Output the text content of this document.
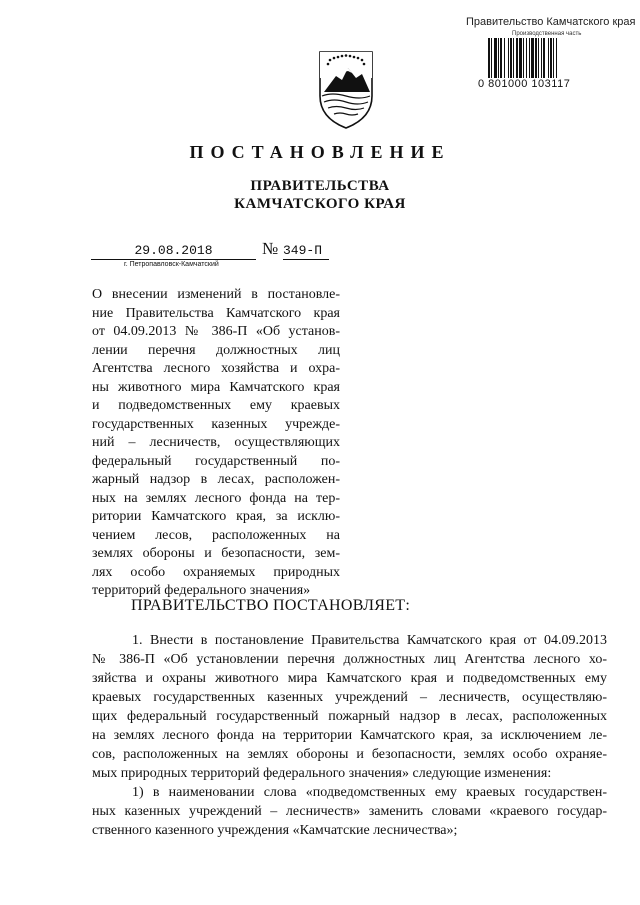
Правительство Камчатского края
Производственная часть
0 801000 103117
ПОСТАНОВЛЕНИЕ
ПРАВИТЕЛЬСТВА
КАМЧАТСКОГО КРАЯ
29.08.2018
г. Петропавловск-Камчатский
№ 349-П
О внесении изменений в постановле-
ние Правительства Камчатского края
от 04.09.2013 № 386-П «Об установ-
лении перечня должностных лиц
Агентства лесного хозяйства и охра-
ны животного мира Камчатского края
и подведомственных ему краевых
государственных казенных учрежде-
ний – лесничеств, осуществляющих
федеральный государственный по-
жарный надзор в лесах, расположен-
ных на землях лесного фонда на тер-
ритории Камчатского края, за исклю-
чением лесов, расположенных на
землях обороны и безопасности, зем-
лях особо охраняемых природных
территорий федерального значения»
ПРАВИТЕЛЬСТВО ПОСТАНОВЛЯЕТ:
1. Внести в постановление Правительства Камчатского края от 04.09.2013
№ 386-П «Об установлении перечня должностных лиц Агентства лесного хо-
зяйства и охраны животного мира Камчатского края и подведомственных ему
краевых государственных казенных учреждений – лесничеств, осуществляю-
щих федеральный государственный пожарный надзор в лесах, расположенных
на землях лесного фонда на территории Камчатского края, за исключением ле-
сов, расположенных на землях обороны и безопасности, землях особо охраняе-
мых природных территорий федерального значения» следующие изменения:
1) в наименовании слова «подведомственных ему краевых государствен-
ных казенных учреждений – лесничеств» заменить словами «краевого государ-
ственного казенного учреждения «Камчатские лесничества»;
